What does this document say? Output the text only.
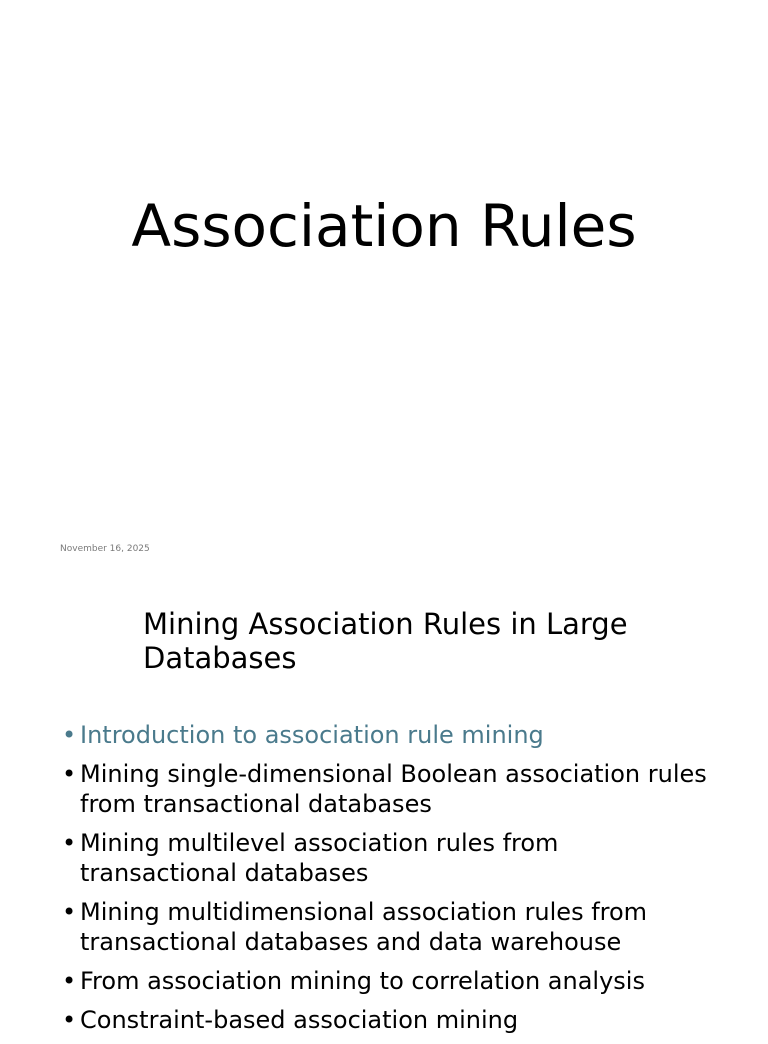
Association Rules
November 16, 2025
Mining Association Rules in Large Databases
• Introduction to association rule mining
• Mining single-dimensional Boolean association rules from transactional databases
• Mining multilevel association rules from transactional databases
• Mining multidimensional association rules from transactional databases and data warehouse
• From association mining to correlation analysis
• Constraint-based association mining
